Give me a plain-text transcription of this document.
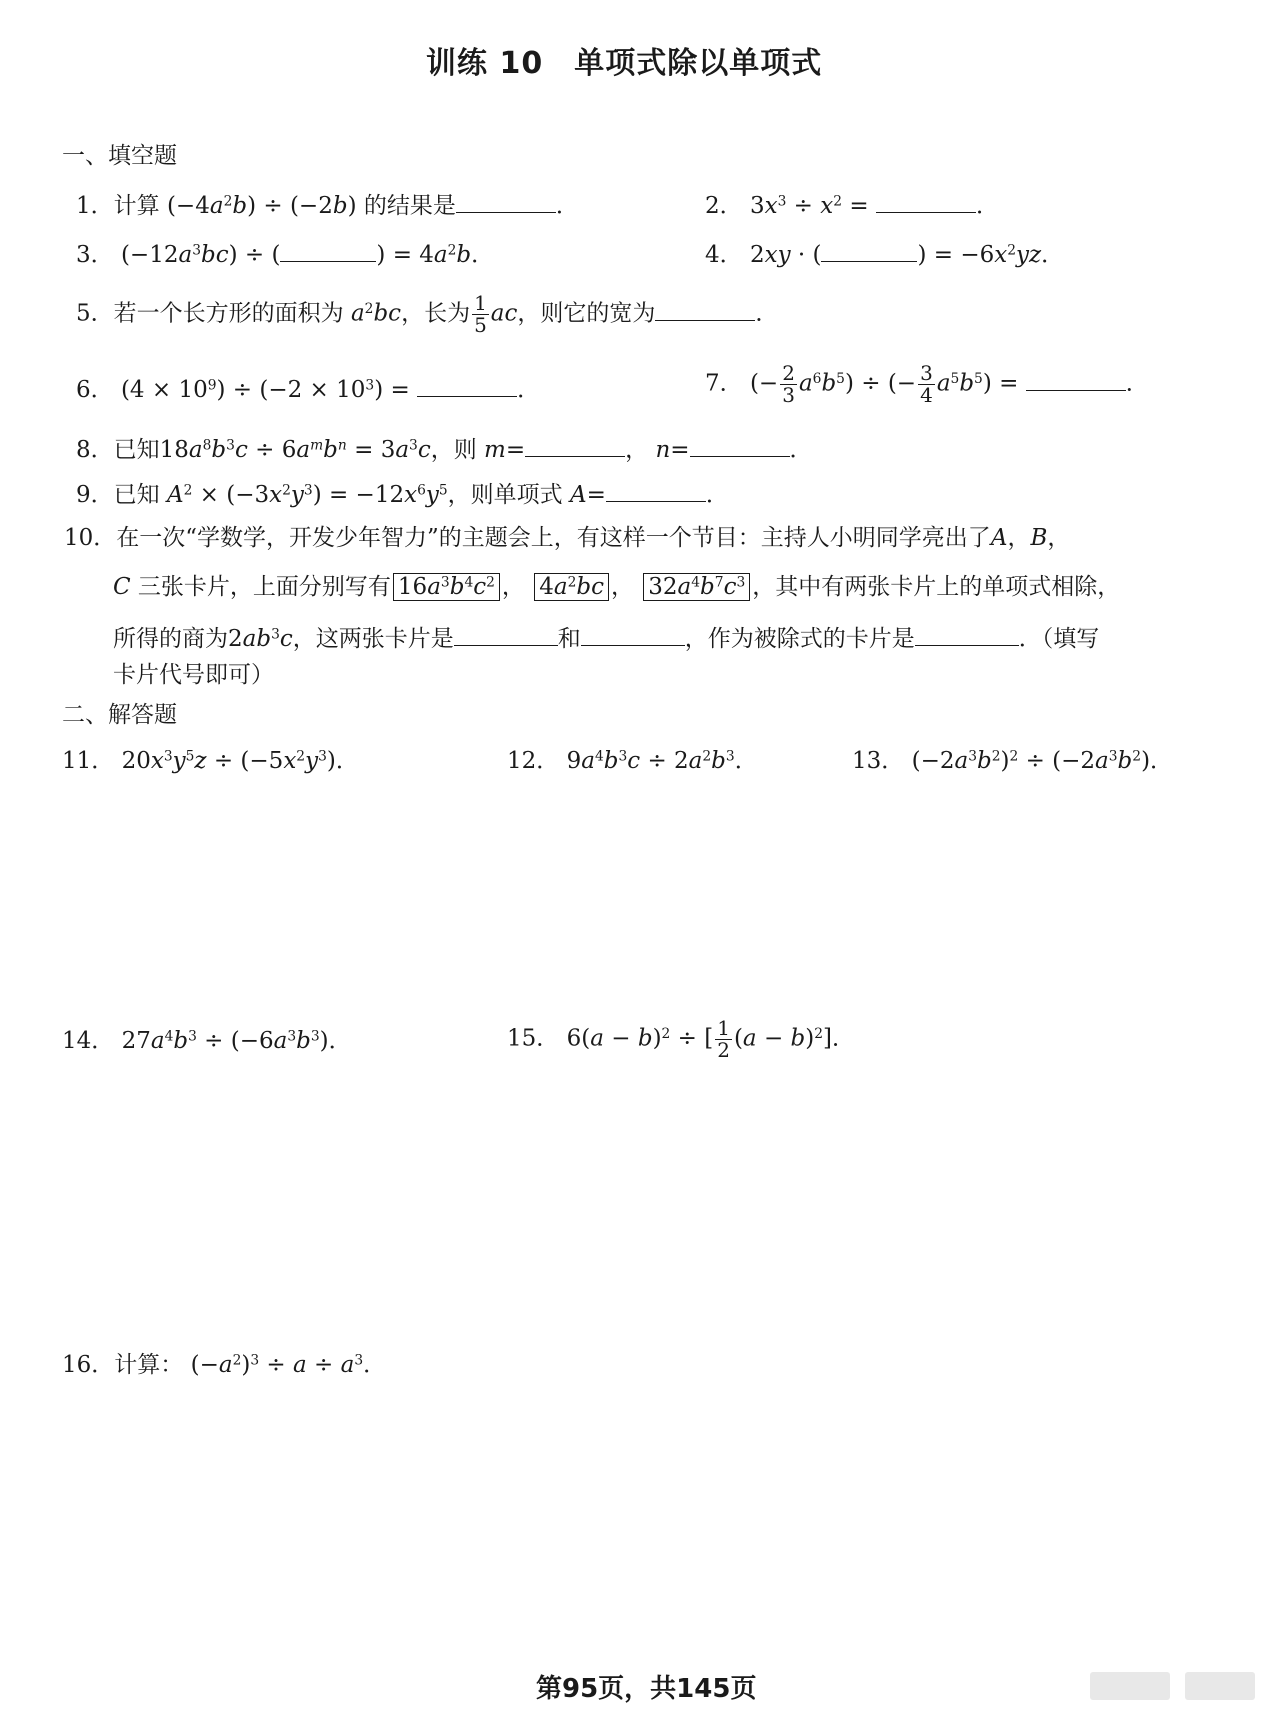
训练 10　单项式除以单项式
一、填空题
1．计算 $(-4a^2b) \div (-2b)$ 的结果是	．	2． $3x^3 \div x^2$ =	．
3． $(-12a^3bc)$ ÷ (	) = $4a^2b$．	4． 2xy · (	) = $-6x^2yz$．
5．若一个长方形的面积为 $a^2bc$，长为 $\frac{1}{5}$ ac，则它的宽为	．
6． $(4 \times 10^9) \div (-2 \times 10^3)$ =	．	7． (− $\frac{2}{3} a^6b^5$) ÷ (− $\frac{3}{4} a^5b^5$) =	．
8．已知$18a^8b^3c \div 6a^mb^n = 3a^3c$，则 m=	， n=	．
9．已知 $A^2 \times (-3x^2y^3) = -12x^6y^5$，则单项式 A=	．
10．在一次“学数学，开发少年智力”的主题会上，有这样一个节目：主持人小明同学亮出了A，B，
C 三张卡片，上面分别写有 $16a^3b^4c^2$ ， $4a^2bc$ ， $32a^4b^7c^3$ ，其中有两张卡片上的单项式相除，
所得的商为$2ab^3c$，这两张卡片是	和	，作为被除式的卡片是	．（填写
卡片代号即可）
二、解答题
11． $20x^3y^5z \div (-5x^2y^3)$．	12． $9a^4b^3c \div 2a^2b^3$．	13． $(-2a^3b^2)^2 \div (-2a^3b^2)$．
14． $27a^4b^3 \div (-6a^3b^3)$．	15． $6(a - b)^2$ ÷ [ $\frac{1}{2} (a - b)^2$]．
16．计算： $(-a^2)^3 \div a \div a^3$．
第95页，共145页
